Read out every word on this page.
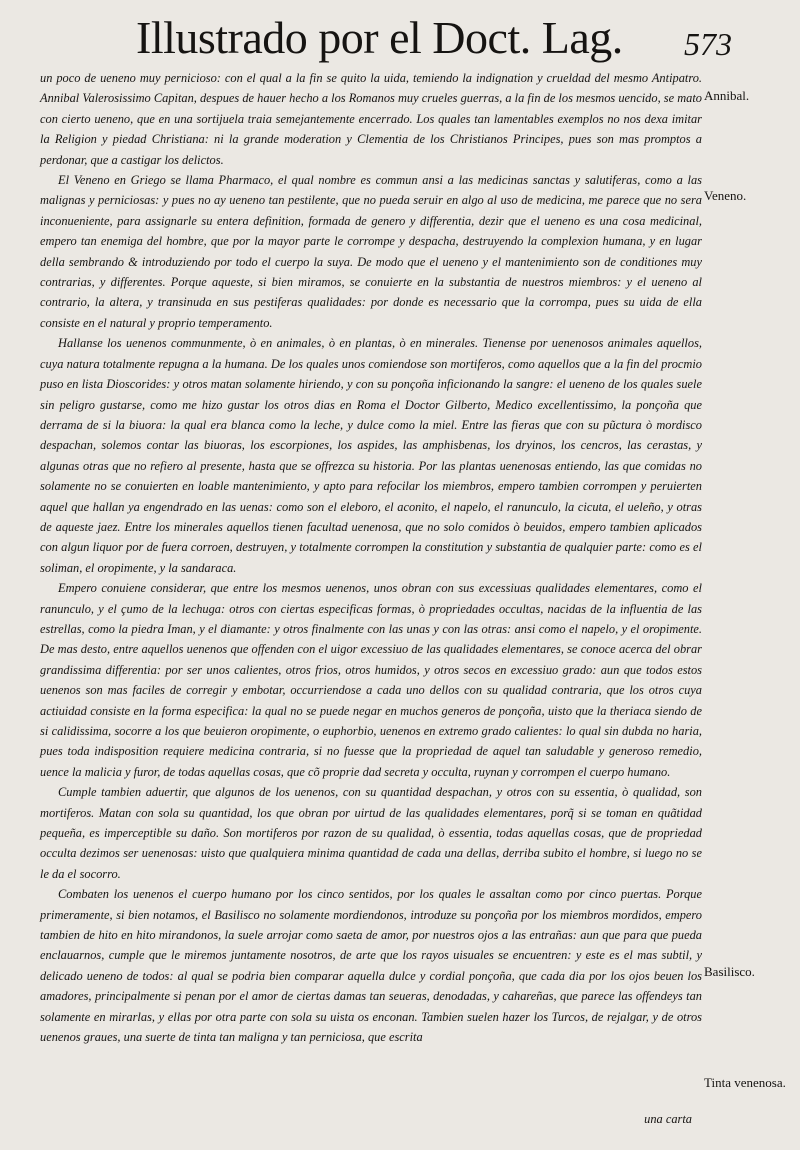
Illustrado por el Doct. Lag. 573

un poco de ueneno muy pernicioso: con el qual a la fin se quito la uida, temiendo la indignation y crueldad del mesmo Antipatro. Annibal Valerosissimo Capitan, despues de hauer hecho a los Romanos muy crueles guerras, a la fin de los mesmos uencido, se mato con cierto ueneno, que en una sortijuela traia semejantemente encerrado. Los quales tan lamentables exemplos no nos dexa imitar la Religion y piedad Christiana: ni la grande moderation y Clementia de los Christianos Principes, pues son mas promptos a perdonar, que a castigar los delictos.

El Veneno en Griego se llama Pharmaco, el qual nombre es commun ansi a las medicinas sanctas y salutiferas, como a las malignas y perniciosas: y pues no ay ueneno tan pestilente, que no pueda seruir en algo al uso de medicina, me parece que no sera inconueniente, para assignarle su entera definition, formada de genero y differentia, dezir que el ueneno es una cosa medicinal, empero tan enemiga del hombre, que por la mayor parte le corrompe y despacha, destruyendo la complexion humana, y en lugar della sembrando & introduziendo por todo el cuerpo la suya. De modo que el ueneno y el mantenimiento son de conditiones muy contrarias, y differentes. Porque aqueste, si bien miramos, se conuierte en la substantia de nuestros miembros: y el ueneno al contrario, la altera, y transinuda en sus pestiferas qualidades: por donde es necessario que la corrompa, pues su uida de ella consiste en el natural y proprio temperamento.

Hallanse los uenenos communmente, ò en animales, ò en plantas, ò en minerales. Tienense por uenenosos animales aquellos, cuya natura totalmente repugna a la humana. De los quales unos comiendose son mortiferos, como aquellos que a la fin del procmio puso en lista Dioscorides: y otros matan solamente hiriendo, y con su ponçoña inficionando la sangre: el ueneno de los quales suele sin peligro gustarse, como me hizo gustar los otros dias en Roma el Doctor Gilberto, Medico excellentissimo, la ponçoña que derrama de si la biuora: la qual era blanca como la leche, y dulce como la miel. Entre las fieras que con su pũctura ò mordisco despachan, solemos contar las biuoras, los escorpiones, los aspides, las amphisbenas, los dryinos, los cencros, las cerastas, y algunas otras que no refiero al presente, hasta que se offrezca su historia. Por las plantas uenenosas entiendo, las que comidas no solamente no se conuierten en loable mantenimiento, y apto para refocilar los miembros, empero tambien corrompen y peruierten aquel que hallan ya engendrado en las uenas: como son el eleboro, el aconito, el napelo, el ranunculo, la cicuta, el ueleño, y otras de aqueste jaez. Entre los minerales aquellos tienen facultad uenenosa, que no solo comidos ò beuidos, empero tambien aplicados con algun liquor por de fuera corroen, destruyen, y totalmente corrompen la constitution y substantia de qualquier parte: como es el soliman, el oropimente, y la sandaraca.

Empero conuiene considerar, que entre los mesmos uenenos, unos obran con sus excessiuas qualidades elementares, como el ranunculo, y el çumo de la lechuga: otros con ciertas especificas formas, ò propriedades occultas, nacidas de la influentia de las estrellas, como la piedra Iman, y el diamante: y otros finalmente con las unas y con las otras: ansi como el napelo, y el oropimente. De mas desto, entre aquellos uenenos que offenden con el uigor excessiuo de las qualidades elementares, se conoce acerca del obrar grandissima differentia: por ser unos calientes, otros frios, otros humidos, y otros secos en excessiuo grado: aun que todos estos uenenos son mas faciles de corregir y embotar, occurriendose a cada uno dellos con su qualidad contraria, que los otros cuya actiuidad consiste en la forma especifica: la qual no se puede negar en muchos generos de ponçoña, uisto que la theriaca siendo de si calidissima, socorre a los que beuieron oropimente, o euphorbio, uenenos en extremo grado calientes: lo qual sin dubda no haria, pues toda indisposition requiere medicina contraria, si no fuesse que la propriedad de aquel tan saludable y generoso remedio, uence la malicia y furor, de todas aquellas cosas, que cõ proprie dad secreta y occulta, ruynan y corrompen el cuerpo humano.

Cumple tambien aduertir, que algunos de los uenenos, con su quantidad despachan, y otros con su essentia, ò qualidad, son mortiferos. Matan con sola su quantidad, los que obran por uirtud de las qualidades elementares, porq̃ si se toman en quãtidad pequeña, es imperceptible su daño. Son mortiferos por razon de su qualidad, ò essentia, todas aquellas cosas, que de propriedad occulta dezimos ser uenenosas: uisto que qualquiera minima quantidad de cada una dellas, derriba subito el hombre, si luego no se le da el socorro.

Combaten los uenenos el cuerpo humano por los cinco sentidos, por los quales le assaltan como por cinco puertas. Porque primeramente, si bien notamos, el Basilisco no solamente mordiendonos, introduze su ponçoña por los miembros mordidos, empero tambien de hito en hito mirandonos, la suele arrojar como saeta de amor, por nuestros ojos a las entrañas: aun que para que pueda enclauarnos, cumple que le miremos juntamente nosotros, de arte que los rayos uisuales se encuentren: y este es el mas subtil, y delicado ueneno de todos: al qual se podria bien comparar aquella dulce y cordial ponçoña, que cada dia por los ojos beuen los amadores, principalmente si penan por el amor de ciertas damas tan seueras, denodadas, y cahareñas, que parece las offendeys tan solamente en mirarlas, y ellas por otra parte con sola su uista os enconan. Tambien suelen hazer los Turcos, de rejalgar, y de otros uenenos graues, una suerte de tinta tan maligna y tan perniciosa, que escrita

una carta
Annibal.
Veneno.
Basilisco.
Tinta venenosa.
